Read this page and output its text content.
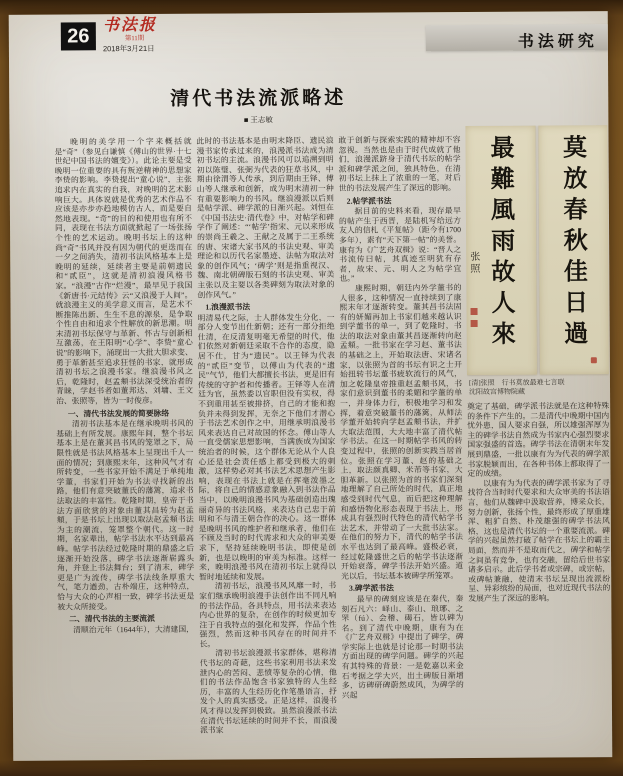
26 书法报
第11期
2018年3月21日	书法研究
清代书法流派略述
■ 王志敏

晚明的美学用一个字来概括就是“奇”（参见白谦慎《傅山的世界·十七世纪中国书法的嬗变》）。此论主要是受晚明一位重要的具有叛逆精神的思想家李贽的影响。李贽提出“童心说”，主张追求内在真实的自我，对晚明的艺术影响巨大。具体说就是优秀的艺术作品不应该是亦步亦趋地模仿古人，而是要自然地表现。“奇”的目的和使用也有所不同，表现在书法方面就掀起了一场张扬个性的艺术运动。晚明书坛上的这种尚“奇”书风并没有因为朝代的更迭而在一夕之间消失，清初书法风格基本上是晚明的延续，延续者主要是前朝遗民和“贰臣”，这就是清初浪漫风格书家。“浪漫”古作“烂漫”，最早见于我国《新唐书·元结传》云“又浪漫于人间”。就浪漫主义的美学意义而言，是艺术不断推陈出新、生生不息的源泉，是争取个性自由和追求个性解放的新思潮。明末清初书坛保守与革新、怀古与创新相互激荡，在王阳明“心学”、李贽“童心说”的影响下，涌现出一大批大胆求变、勇于革新甚至追求狂怪的书家，就形成清初书坛之浪漫书家。继浪漫书风之后，乾隆时，赵孟頫书法深受统治者的青睐，学赵书者如董邦达、刘墉、王文治、张照等，皆为一时俊彦。

一、清代书法发展的简要脉络

清初书法基本是在继承晚明书风的基础上有所发展。康熙年间，整个书坛基本上是在董其昌书风的笼罩之下，局限性就是书法风格基本上呈现出千人一面的情况；到康熙末年，这种风气才有所转变，一些书家开始不满足于单纯地学董，书家们开始为书法寻找新的出路，他们有意突破董氏的藩篱，追求书法取法的丰富性。乾隆时期，皇帝于书法方面欣赏的对象由董其昌转为赵孟頫，于是书坛上出现以取法赵孟頫书法为主的潮流，笼罩整个朝代。这一时期，名家辈出，帖学书法水平达到最高峰。帖学书法经过乾隆时期的鼎盛之后逐渐开始没落，碑学书法逐渐崭露头角，并登上书法舞台；到了清末，碑学更是广为流传，碑学书法线条厚重大气，笔力遒劲，古朴端庄，这种特点，恰与大众的心声相一致，碑学书法更是被大众所接受。

二、清代书法的主要流派

清顺治元年（1644年），大清建国，

此时的书法基本是由明末降臣、遗民浪漫书家传承过来的，浪漫派书法成为清初书坛的主流。浪漫书风可以追溯到明初以陈璧、张弼为代表的狂草书风，中期由徐渭等人传承，到后期由王铎、傅山等人继承和创新，成为明末清初一种有重要影响力的书风。继浪漫派以后则是帖学派、碑学派的日渐兴起。刘恒在《中国书法史·清代卷》中，对帖学和碑学作了阐述：“‘帖学’指宋、元以来形成的崇尚王羲之、王献之及属于二王系统的唐、宋诸大家书风的书法史观、审美理论和以历代名家墨迹、法帖为取法对象的创作风气；‘碑学’则是指重视汉、魏、南北朝碑版石刻的书法史观、审美主张以及主要以各类碑刻为取法对象的创作风气。”

1.浪漫派书法

明清易代之际，士人群体发生分化，一部分人变节出仕新朝；还有一部分拒绝仕清，在反清复明毫无希望的时代，他们依然对新朝廷采取不合作的态度，隐居不仕，甘为“遗民”。以王铎为代表的“贰臣”变节，以傅山为代表的“遗民”气节，他们大都擅长书法，更是旧有传统的守护者和传播者。王铎等人在清廷为官，虽然委以官职但没有实权，得不到重用甚至被排挤，自己的才能和抱负并未得到发挥，无奈之下他们才潜心于书法艺术创作之中，用继承明浪漫书风来表达自己对故国的怀念。傅山等人一直受儒家思想影响，当满族成为国家统治者的时候，这个群体无论从个人良心还是社会责任感上都受到极大的刺激，这样势必对其书法艺术思想产生影响，表现在书法上就是在挥毫泼墨之际，将自己的情感意象融入到书法作品当中，以晚明浪漫书风为基础创造出瑰丽奇异的书法风格，来表达自己忠于前明和不与清王朝合作的决心。这一群体是晚明书风的维护者和继承者，他们在不顾及当时的时代需求和大众的审美要求下，坚持延续晚明书法，即使是创新，也是以晚明的审美为标准。这样一来，晚明浪漫书风在清初书坛上就得以暂时地延续和发展。

清初书坛，浪漫书风风靡一时，书家们继承晚明浪漫手法创作出不同凡响的书法作品，各具特点，用书法来表达内心世界的复杂，在创作的时候更加专注于自我特点的强化和发挥，作品个性强烈，然而这种书风存在的时间并不长。

清初书坛浪漫派书家群体，堪称清代书坛的奇葩，这些书家利用书法来发泄内心的苦闷、悲愤等复杂的心情，他们的书法作品饱含书家独特的人生经历，丰富的人生经历化作笔墨语言，抒发个人的真实感受。正是这样，浪漫书风才得以发挥到极致。虽然浪漫派书法在清代书坛延续的时间并不长，而浪漫派书家

敢于创新与探索实践的精神却不容忽视。当然也是由于时代成就了他们，浪漫派跻身于清代书坛的帖学派和碑学派之间，独具特色，在清初书坛上抹上了浓重的一笔，对后世的书法发展产生了深远的影响。

2.帖学派书法

据目前的史料来看，现存最早的帖产生于西晋，是陆机写给远方友人的信札《平复帖》（距今有1700多年），素有“天下第一帖”的美誉。康有为《广艺舟双楫》说：“晋人之书流传曰帖，其真迹至明犹有存者，故宋、元、明人之为帖学宜也。”

康熙时期，朝廷内外学董书的人很多，这种情况一直持续到了康熙末年才逐渐转变。董其昌书法固有的妍媚再加上书家们越来越认识到学董书的单一，到了乾隆时，书法的取法对象由董其昌逐渐转向赵孟頫。一批书家在学习赵、董书法的基础之上，开始取法唐、宋诸名家，以张照为首的书坛有识之士开始扭转书坛董书疲软流行的风气，加之乾隆皇帝推重赵孟頫书风，书家们意识到董书的柔媚和学董的单一，并身体力行，积极地学习和发挥，着意突破董书的藩篱，从师法学董开始转向学赵孟頫书法，并扩大取法范围，大大地丰富了清代帖学书法。在这一时期帖学书风的转变过程中，张照的创新实践当居首位。张照在学习董、赵的基础之上，取法颜真卿、米芾等书家，大胆革新。以张照为首的书家们深刻地理解了自己所处的时代，真正地感受到时代气息，而后把这种理解和感悟物化形态表现于书法上，形成具有强烈时代特色的清代帖学书法艺术，并带动了一大批书法家。在他们的努力下，清代的帖学书法水平也达到了最高峰。盛极必衰，经过乾隆盛世之后的帖学书法逐渐开始衰落，碑学书法开始兴盛。道光以后，书坛基本被碑学所笼罩。

3.碑学派书法

最早的碑刻应该是在秦代，秦刻石凡六：峄山、泰山、琅琊、之罘（fú）、会稽、碣石，皆以碑为名。到了清代中晚期，康有为在《广艺舟双楫》中提出了碑学，碑学实际上也就是讨论那一时期书法方面出现的碑学问题。碑学的兴起有其特殊的背景：一是乾嘉以来金石考据之学大兴，出土碑版日渐增多，访碑研碑蔚然成风，为碑学的兴起

最難風雨故人來
张照	莫放春秋佳日過
[清]张照　行书莫放最难七言联
沈阳故宫博物院藏

奠定了基础，碑学派书法就是在这种特殊的条件下产生的。二是清代中晚期中国内忧外患，国人要求自强，所以雄强浑厚为主的碑学书法自然成为书家内心强烈要求国家强盛的首选。碑学书法在清朝末年发展到鼎盛，一批以康有为为代表的碑学派书家脱颖而出，在各种书体上都取得了一定的成绩。

以康有为为代表的碑学派书家为了寻找符合当时时代要求和大众审美的书法语言，他们从魏碑中汲取营养，博采众长，努力创新，张扬个性，最终形成了厚重雄浑、粗犷自然、朴茂雄强的碑学书法风格，这也是清代书坛的一个重要流派。碑学的兴起虽然打破了帖学在书坛上的霸主局面，然而并不是取而代之，碑学和帖学之间虽有竞争，也有交融，留给后世书家诸多启示。此后学书者或宗碑，或宗帖，或碑帖兼融，使清末书坛呈现出流派纷呈、异彩缤纷的局面，也对近现代书法的发展产生了深远的影响。
